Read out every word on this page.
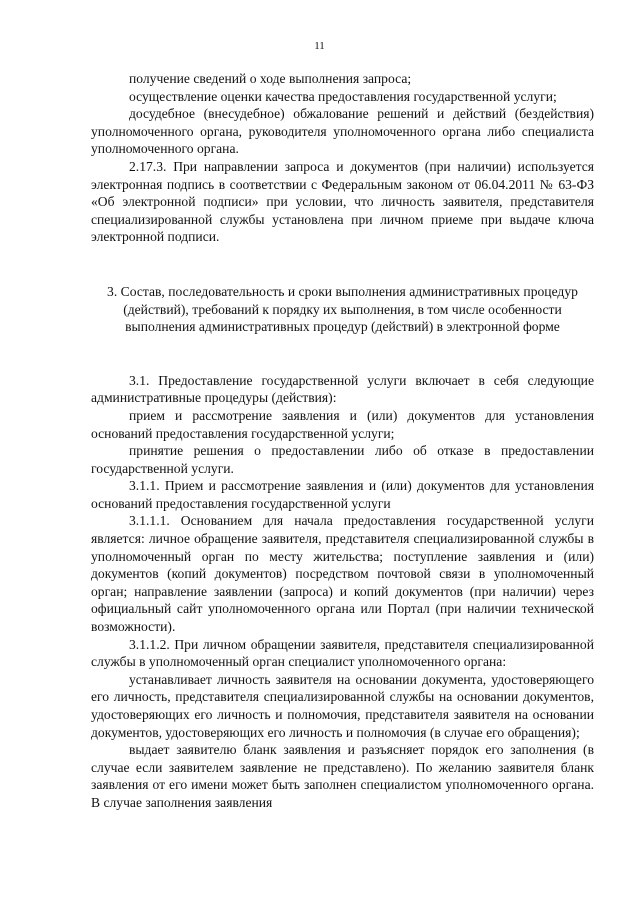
11

получение сведений о ходе выполнения запроса;

осуществление оценки качества предоставления государственной услуги;

досудебное (внесудебное) обжалование решений и действий (бездействия) уполномоченного органа, руководителя уполномоченного органа либо специалиста уполномоченного органа.

2.17.3. При направлении запроса и документов (при наличии) используется электронная подпись в соответствии с Федеральным законом от 06.04.2011 № 63-ФЗ «Об электронной подписи» при условии, что личность заявителя, представителя специализированной службы установлена при личном приеме при выдаче ключа электронной подписи.

3. Состав, последовательность и сроки выполнения административных процедур (действий), требований к порядку их выполнения, в том числе особенности выполнения административных процедур (действий) в электронной форме

3.1. Предоставление государственной услуги включает в себя следующие административные процедуры (действия):

прием и рассмотрение заявления и (или) документов для установления оснований предоставления государственной услуги;

принятие решения о предоставлении либо об отказе в предоставлении государственной услуги.

3.1.1. Прием и рассмотрение заявления и (или) документов для установления оснований предоставления государственной услуги

3.1.1.1. Основанием для начала предоставления государственной услуги является: личное обращение заявителя, представителя специализированной службы в уполномоченный орган по месту жительства; поступление заявления и (или) документов (копий документов) посредством почтовой связи в уполномоченный орган; направление заявлении (запроса) и копий документов (при наличии) через официальный сайт уполномоченного органа или Портал (при наличии технической возможности).

3.1.1.2. При личном обращении заявителя, представителя специализированной службы в уполномоченный орган специалист уполномоченного органа:

устанавливает личность заявителя на основании документа, удостоверяющего его личность, представителя специализированной службы на основании документов, удостоверяющих его личность и полномочия, представителя заявителя на основании документов, удостоверяющих его личность и полномочия (в случае его обращения);

выдает заявителю бланк заявления и разъясняет порядок его заполнения (в случае если заявителем заявление не представлено). По желанию заявителя бланк заявления от его имени может быть заполнен специалистом уполномоченного органа. В случае заполнения заявления
